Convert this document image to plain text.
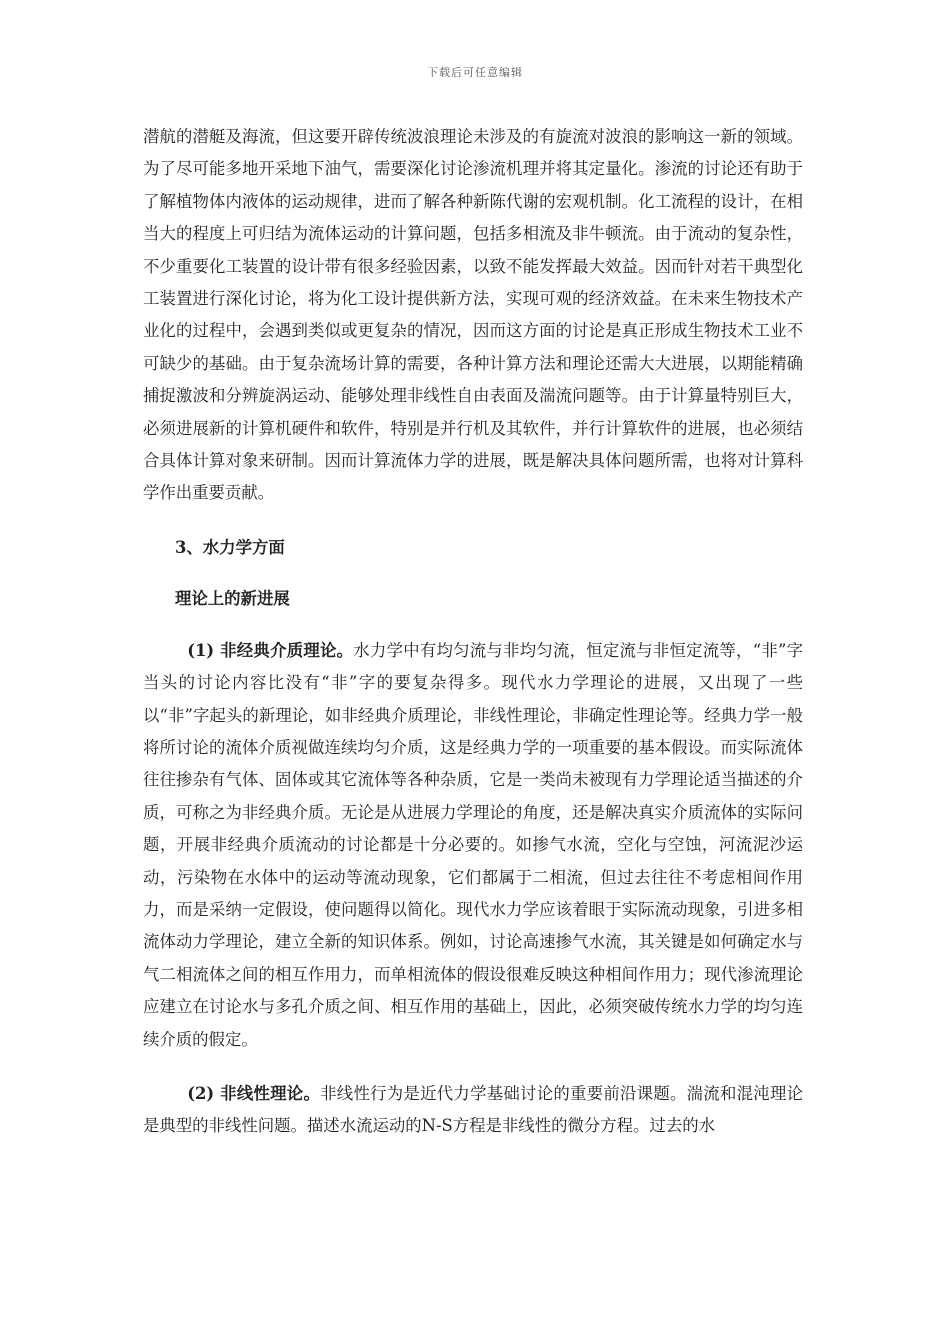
下载后可任意编辑

潜航的潜艇及海流，但这要开辟传统波浪理论未涉及的有旋流对波浪的影响这一新的领域。为了尽可能多地开采地下油气，需要深化讨论渗流机理并将其定量化。渗流的讨论还有助于了解植物体内液体的运动规律，进而了解各种新陈代谢的宏观机制。化工流程的设计，在相当大的程度上可归结为流体运动的计算问题，包括多相流及非牛顿流。由于流动的复杂性，不少重要化工装置的设计带有很多经验因素，以致不能发挥最大效益。因而针对若干典型化工装置进行深化讨论，将为化工设计提供新方法，实现可观的经济效益。在未来生物技术产业化的过程中，会遇到类似或更复杂的情况，因而这方面的讨论是真正形成生物技术工业不可缺少的基础。由于复杂流场计算的需要，各种计算方法和理论还需大大进展，以期能精确捕捉激波和分辨旋涡运动、能够处理非线性自由表面及湍流问题等。由于计算量特别巨大，必须进展新的计算机硬件和软件，特别是并行机及其软件，并行计算软件的进展，也必须结合具体计算对象来研制。因而计算流体力学的进展，既是解决具体问题所需，也将对计算科学作出重要贡献。

3、水力学方面

理论上的新进展

(1) 非经典介质理论。水力学中有均匀流与非均匀流，恒定流与非恒定流等，“非”字当头的讨论内容比没有“非”字的要复杂得多。现代水力学理论的进展，又出现了一些以“非”字起头的新理论，如非经典介质理论，非线性理论，非确定性理论等。经典力学一般将所讨论的流体介质视做连续均匀介质，这是经典力学的一项重要的基本假设。而实际流体往往掺杂有气体、固体或其它流体等各种杂质，它是一类尚未被现有力学理论适当描述的介质，可称之为非经典介质。无论是从进展力学理论的角度，还是解决真实介质流体的实际问题，开展非经典介质流动的讨论都是十分必要的。如掺气水流，空化与空蚀，河流泥沙运动，污染物在水体中的运动等流动现象，它们都属于二相流，但过去往往不考虑相间作用力，而是采纳一定假设，使问题得以简化。现代水力学应该着眼于实际流动现象，引进多相流体动力学理论，建立全新的知识体系。例如，讨论高速掺气水流，其关键是如何确定水与气二相流体之间的相互作用力，而单相流体的假设很难反映这种相间作用力；现代渗流理论应建立在讨论水与多孔介质之间、相互作用的基础上，因此，必须突破传统水力学的均匀连续介质的假定。

(2) 非线性理论。非线性行为是近代力学基础讨论的重要前沿课题。湍流和混沌理论是典型的非线性问题。描述水流运动的N-S方程是非线性的微分方程。过去的水
